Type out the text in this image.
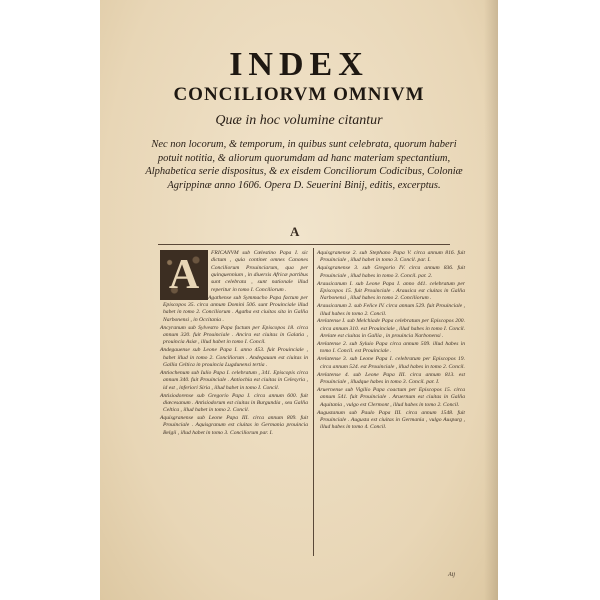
INDEX
CONCILIORVM OMNIVM
Quæ in hoc volumine citantur
Nec non locorum, & temporum, in quibus sunt celebrata, quorum haberi potuit notitia, & aliorum quorumdam ad hanc materiam spectantium, Alphabetica serie dispositus, & ex eisdem Conciliorum Codicibus, Coloniæ Agrippinæ anno 1606. Opera D. Seuerini Binij, editis, excerptus.
A
A	FRICANVM sub Cœlestino Papa I. sic dictum , quia continet omnes Canones Conciliorum Prouinciarum, qua per quinquennium , in diuersis Africæ partibus sunt celebrata , sunt nationale illud reperitur in tomo I. Conciliorum .

Agathense sub Symmacho Papa factum per Episcopos 35. circa annum Domini 506. sunt Prouinciale illud habet in tomo 2. Conciliorum . Agatha est ciuitas sita in Gallia Narbonensi , in Occitania .

Ancyranum sub Sylvestro Papa factum per Episcopos 18. circa annum 320. fuit Prouinciale . Ancira est ciuitas in Galatia , prouincia Asiæ , illud habet in tomo I. Concil.

Andegauense sub Leone Papa I. anno 453. fuit Prouinciale , habet illud in tomo 2. Conciliorum . Andegauum est ciuitas in Gallia Celtica in prouincia Lugdunensi tertia .

Antiochenum sub Iulio Papa I. celebratum , 341. Episcopis circa annum 340. fuit Prouinciale . Antiochia est ciuitas in Celesyria , id est , inferiori Siria , illud habet in tomo I. Concil.

Antisiodorense sub Gregorio Papa I. circa annum 600. fuit diœcesanum . Antisiodorum est ciuitas in Burgundia , seu Gallia Celtica , illud habet in tomo 2. Concil.

Aquisgranense sub Leone Papa III. circa annum 809. fuit Prouinciale . Aquisgranum est ciuitas in Germania prouincia Belgii , illud habet in tomo 3. Conciliorum par. I.

Aquisgranense 2. sub Stephano Papa V. circa annum 816. fuit Prouinciale , illud habet in tomo 3. Concil. par. I.

Aquisgranense 3. sub Gregorio IV. circa annum 836. fuit Prouinciale , illud habes in tomo 3. Concil. par. 2.

Arausicanum I. sub Leone Papa I. anno 441. celebratum per Episcopos 15. fuit Prouinciale . Arausica est ciuitas in Gallia Narbonensi , illud habes in tomo 2. Conciliorum .

Arausicanum 2. sub Felice IV. circa annum 529. fuit Prouinciale , illud habes in tomo 2. Concil.

Arelatense I. sub Melchiade Papa celebratum per Episcopos 200. circa annum 310. est Prouinciale , illud habes in tomo I. Concil. Arelate est ciuitas in Gallia , in prouincia Narbonensi .

Arelatense 2. sub Syluio Papa circa annum 509. illud habes in tomo I. Concil. est Prouinciale .

Arelatense 3. sub Leone Papa I. celebratum per Episcopos 19. circa annum 524. est Prouinciale , illud habes in tomo 2. Concil.

Arelatense 4. sub Leone Papa III. circa annum 813. est Prouinciale , illudque habes in tomo 3. Concil. par. I.

Aruernense sub Vigilio Papa coactum per Episcopos 15. circa annum 541. fuit Prouinciale . Aruernum est ciuitas in Gallia Aquitania , vulgo est Clermont , illud habes in tomo 2. Concil.

Augustanum sub Paulo Papa III. circa annum 1548. fuit Prouinciale . Augusta est ciuitas in Germania , vulgo Auspurg , illud habes in tomo 4. Concil.

Aij
